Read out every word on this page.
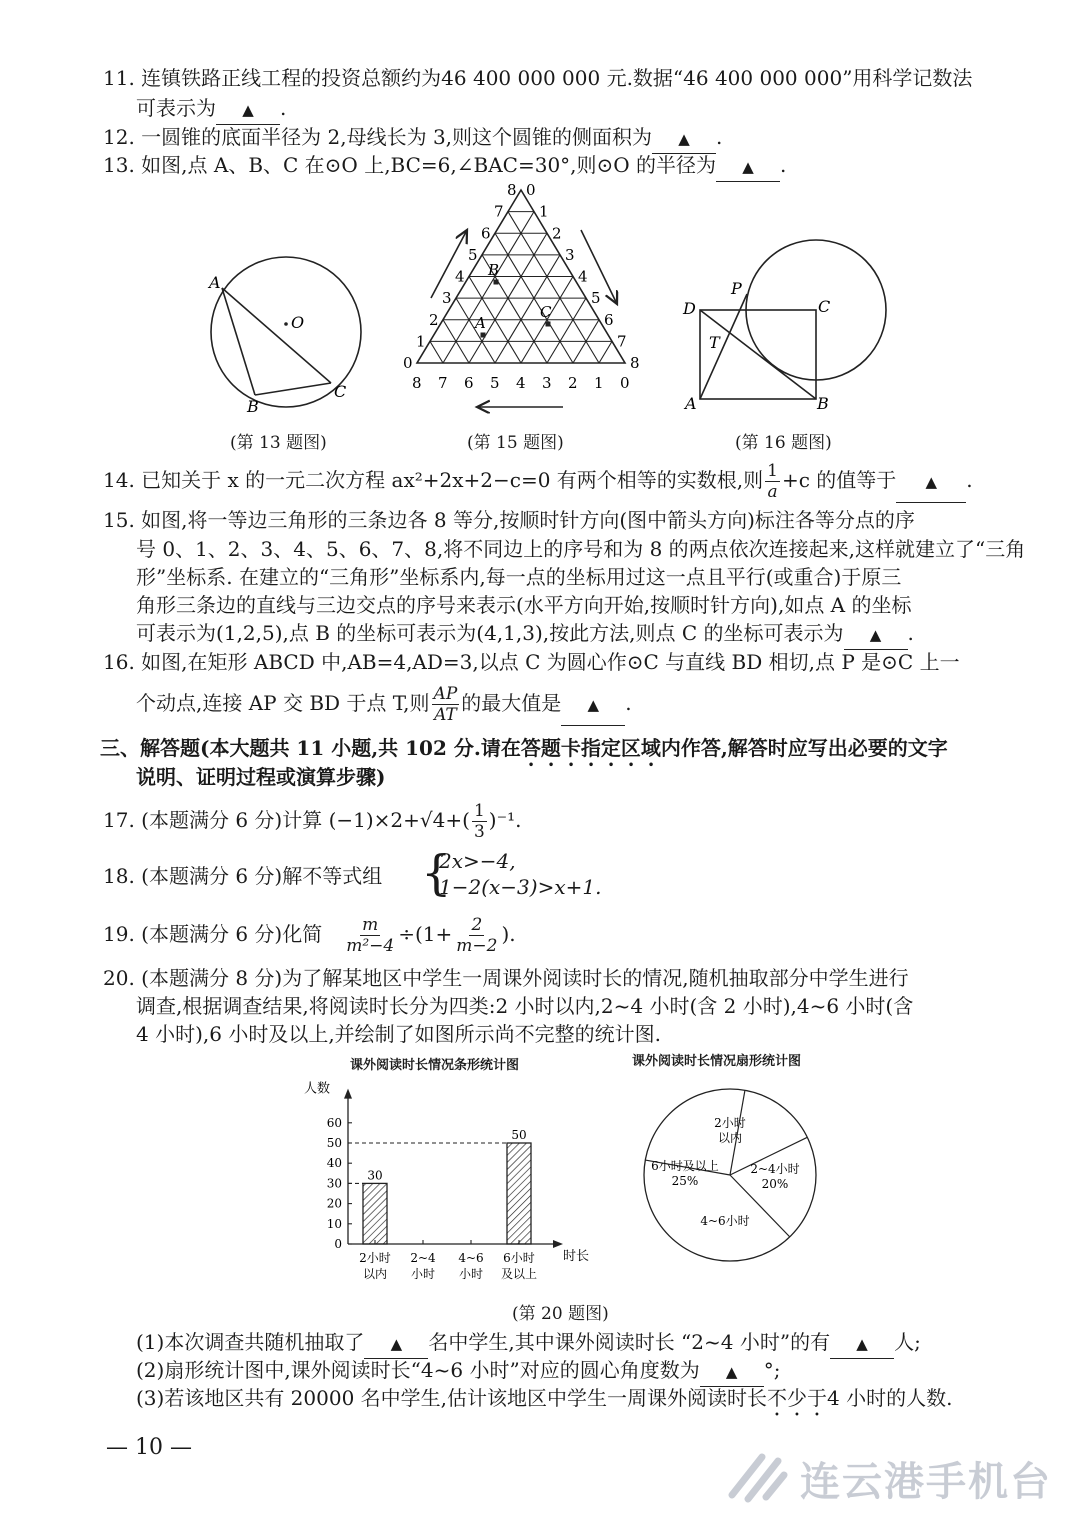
11. 连镇铁路正线工程的投资总额约为46 400 000 000 元.数据“46 400 000 000”用科学记数法
可表示为 ▲ .
12. 一圆锥的底面半径为 2,母线长为 3,则这个圆锥的侧面积为 ▲ .
13. 如图,点 A、B、C 在⊙O 上,BC=6,∠BAC=30°,则⊙O 的半径为 ▲ .
A
O
B
C
(第 13 题图)
0
0
0
1
1
1
2
2
2
3
3
3
4	4
4
5
5
5
6
6
6
7
7
7
8
8
8
A
B
C
(第 15 题图)
D	C
P
T
A	B
(第 16 题图)
14. 已知关于 x 的一元二次方程 ax²+2x+2−c=0 有两个相等的实数根,则 $\frac{1}{a} +c$ 的值等于 ▲ .
15. 如图,将一等边三角形的三条边各 8 等分,按顺时针方向(图中箭头方向)标注各等分点的序
号 0、1、2、3、4、5、6、7、8,将不同边上的序号和为 8 的两点依次连接起来,这样就建立了“三角
形”坐标系. 在建立的“三角形”坐标系内,每一点的坐标用过这一点且平行(或重合)于原三
角形三条边的直线与三边交点的序号来表示(水平方向开始,按顺时针方向),如点 A 的坐标
可表示为(1,2,5),点 B 的坐标可表示为(4,1,3),按此方法,则点 C 的坐标可表示为 ▲ .
16. 如图,在矩形 ABCD 中,AB=4,AD=3,以点 C 为圆心作⊙C 与直线 BD 相切,点 P 是⊙C 上一
个动点,连接 AP 交 BD 于点 T,则 $\frac{AP}{AT}$ 的最大值是 ▲ .
三、解答题(本大题共 11 小题,共 102 分.请在答题卡指定区域内作答,解答时应写出必要的文字
说明、证明过程或演算步骤)
17. (本题满分 6 分)计算 $(-1)\times 2+√4+( \frac{1}{3} )^{-1}$.
18. (本题满分 6 分)解不等式组
{ 2x>−4,
1−2(x−3)>x+1.
19. (本题满分 6 分)化简 $\frac{m}{\text{m²−4}} \div(1+ \frac{2}{m-2}$ ).
20. (本题满分 8 分)为了解某地区中学生一周课外阅读时长的情况,随机抽取部分中学生进行
调查,根据调查结果,将阅读时长分为四类:2 小时以内,2~4 小时(含 2 小时),4~6 小时(含
4 小时),6 小时及以上,并绘制了如图所示尚不完整的统计图.
课外阅读时长情况条形统计图
人数
时长
0
10
20
30
40
50
60
2小时
以内
30
2~4
小时
4~6
小时
6小时
及以上
50
课外阅读时长情况扇形统计图
2小时
以内
2~4小时
20%
4~6小时
6小时及以上
25%
(第 20 题图)
(1)本次调查共随机抽取了 ▲ 名中学生,其中课外阅读时长 “2~4 小时”的有 ▲ 人;
(2)扇形统计图中,课外阅读时长“4~6 小时”对应的圆心角度数为 ▲ °;
(3)若该地区共有 20000 名中学生,估计该地区中学生一周课外阅读时长不少于4 小时的人数.
— 10 —
连云港手机台
